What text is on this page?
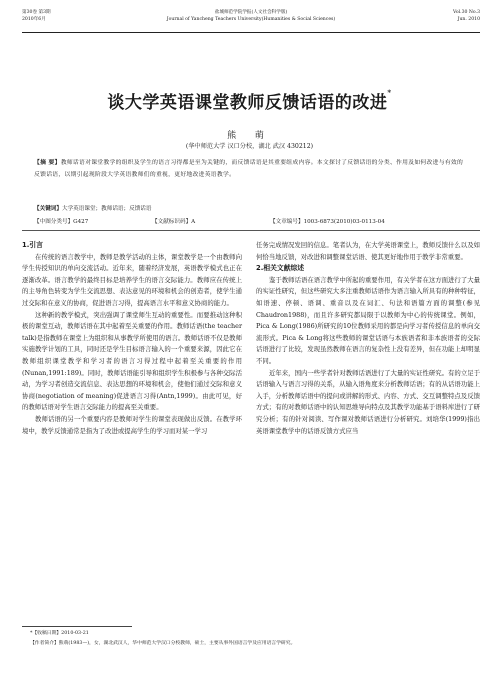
第30卷 第3期
2010年6月
盐城师范学院学报(人文社会科学版)
Journal of Yancheng Teachers University(Humanities & Social Sciences)
Vol.30 No.3
Jun. 2010
谈大学英语课堂教师反馈话语的改进*
熊 萌
(华中师范大学 汉口分校，湖北 武汉 430212)
【摘 要】教师话语对课堂教学的组织及学生的语言习得都是至为关键的，而反馈话语是其重要组成内容。本文探讨了反馈话语的分类、作用及如何改进与有效的反馈话语，以期引起现阶段大学英语教师们的重视，更好地改进英语教学。
【关键词】大学英语课堂；教师话语；反馈话语
【中图分类号】G427	【文献标识码】A	【文章编号】1003-6873(2010)03-0113-04
1.引言

在传统的语言教学中，教师是教学活动的主体，课堂教学是一个由教师向学生传授知识的单向交流活动。近年来，随着经济发展，英语教学模式也正在逐渐改革。语言教学的最终目标是培养学生的语言交际能力。教师应在传统上的主导角色转变为学生交流思想、表达意见的环境和机会的创造者，使学生通过交际和在意义的协商，促进语言习得，提高语言水平和意义协商的能力。

这种新的教学模式，突出强调了课堂师生互动的重要性。而要推动这种积极的课堂互动，教师话语在其中起着至关重要的作用。教师话语(the teacher talk)是指教师在课堂上为组织和从事教学所使用的语言。教师话语不仅是教师实施教学计划的工具，同时还是学生目标语言输入的一个重要来源，因此它在教师组织课堂教学和学习者的语言习得过程中起着至关重要的作用(Nunan,1991:189)。同时，教师话语能引导和组织学生积极参与各种交际活动，为学习者创造交流信息、表达思想的环境和机会，使他们通过交际和意义协商(negotiation of meaning)促进语言习得(Antn,1999)。由此可见，好的教师话语对学生语言交际能力的提高至关重要。

教师话语的另一个重要内容是教师对学生的课堂表现做出反馈。在教学环境中，教学反馈通常是指为了改进或提高学生的学习而对某一学习

任务完成情况发回的信息。笔者认为，在大学英语课堂上，教师反馈什么以及如何恰当地反馈，对改进和调整课堂话语、使其更好地作用于教学非常重要。

2.相关文献综述

鉴于教师话语在语言教学中所起的重要作用，有关学者在这方面进行了大量的实证性研究，但这些研究大多注重教师话语作为语言输入所具有的种种特征，如语速、停顿、语调、重音以及在词汇、句法和语篇方面的调整(参见Chaudron1988)，而且许多研究都局限于以教师为中心的传统课堂。例如，Pica & Long(1986)所研究的10位教师采用的都是向学习者传授信息的单向交流形式。Pica & Long将这些教师的课堂话语与本族语者和非本族语者的交际话语进行了比较，发现虽然教师在语言的复杂性上没有差异，但在功能上却明显不同。

近年来，国内一些学者针对教师话语进行了大量的实证性研究。有的立足于话语输入与语言习得的关系，从输入语角度来分析教师话语；有的从话语功能上入手，分析教师话语中的提问或讲解的形式、内容、方式、交互调整特点及反馈方式；有的对教师话语中的认知思维导向特点及其教学功能基于语料库进行了研究分析；有的针对阅读、写作课对教师话语进行分析研究。刘培华(1999)指出英语课堂教学中的话语反馈方式应当

*【收稿日期】2010-03-21
【作者简介】熊萌(1983—)，女，湖北武汉人，华中师范大学汉口分校教师，硕士，主要从事外国语言学及应用语言学研究。
